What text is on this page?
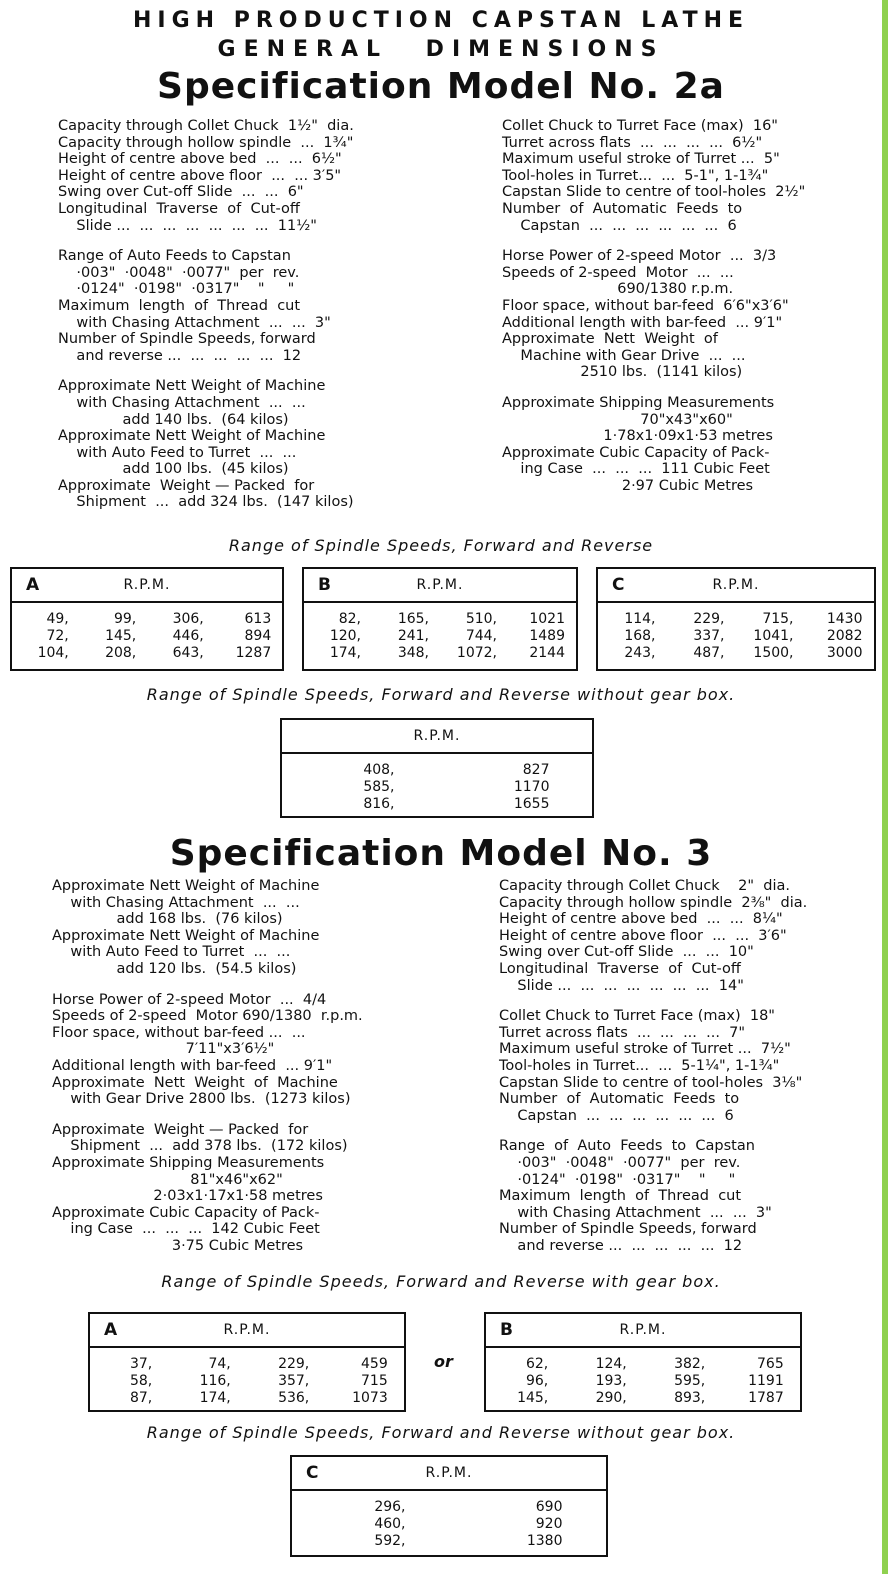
HIGH PRODUCTION CAPSTAN LATHE
GENERAL DIMENSIONS
Specification Model No. 2a
Capacity through Collet Chuck  1½"  dia.
Capacity through hollow spindle  ...  1¾"
Height of centre above bed  ...  ...  6½"
Height of centre above floor  ...  ... 3′5"
Swing over Cut-off Slide  ...  ...  6"
Longitudinal  Traverse  of  Cut-off
Slide ...  ...  ...  ...  ...  ...  ...  11½"
Range of Auto Feeds to Capstan
·003"  ·0048"  ·0077"  per  rev.
·0124"  ·0198"  ·0317"    "     "
Maximum  length  of  Thread  cut
with Chasing Attachment  ...  ...  3"
Number of Spindle Speeds, forward
and reverse ...  ...  ...  ...  ...  12
Approximate Nett Weight of Machine
with Chasing Attachment  ...  ...
add 140 lbs.  (64 kilos)
Approximate Nett Weight of Machine
with Auto Feed to Turret  ...  ...
add 100 lbs.  (45 kilos)
Approximate  Weight — Packed  for
Shipment  ...  add 324 lbs.  (147 kilos)
Collet Chuck to Turret Face (max)  16"
Turret across flats  ...  ...  ...  ...  6½"
Maximum useful stroke of Turret ...  5"
Tool-holes in Turret...  ...  5-1", 1-1¾"
Capstan Slide to centre of tool-holes  2½"
Number  of  Automatic  Feeds  to
Capstan  ...  ...  ...  ...  ...  ...  6
Horse Power of 2-speed Motor  ...  3/3
Speeds of 2-speed  Motor  ...  ...
690/1380 r.p.m.
Floor space, without bar-feed  6′6"x3′6"
Additional length with bar-feed  ... 9′1"
Approximate  Nett  Weight  of
Machine with Gear Drive  ...  ...
2510 lbs.  (1141 kilos)
Approximate Shipping Measurements
70"x43"x60"
1·78x1·09x1·53 metres
Approximate Cubic Capacity of Pack-
ing Case  ...  ...  ...  111 Cubic Feet
2·97 Cubic Metres
Range of Spindle Speeds, Forward and Reverse
A	R.P.M.
49,	99,	306,	613
72,	145,	446,	894
104,	208,	643,	1287
B	R.P.M.
82,	165,	510,	1021
120,	241,	744,	1489
174,	348,	1072,	2144
C	R.P.M.
114,	229,	715,	1430
168,	337,	1041,	2082
243,	487,	1500,	3000
Range of Spindle Speeds, Forward and Reverse without gear box.
R.P.M.
408,	827
585,	1170
816,	1655
Specification Model No. 3
Approximate Nett Weight of Machine
with Chasing Attachment  ...  ...
add 168 lbs.  (76 kilos)
Approximate Nett Weight of Machine
with Auto Feed to Turret  ...  ...
add 120 lbs.  (54.5 kilos)
Horse Power of 2-speed Motor  ...  4/4
Speeds of 2-speed  Motor 690/1380  r.p.m.
Floor space, without bar-feed ...  ...
7′11"x3′6½"
Additional length with bar-feed  ... 9′1"
Approximate  Nett  Weight  of  Machine
with Gear Drive 2800 lbs.  (1273 kilos)
Approximate  Weight — Packed  for
Shipment  ...  add 378 lbs.  (172 kilos)
Approximate Shipping Measurements
81"x46"x62"
2·03x1·17x1·58 metres
Approximate Cubic Capacity of Pack-
ing Case  ...  ...  ...  142 Cubic Feet
3·75 Cubic Metres
Capacity through Collet Chuck    2"  dia.
Capacity through hollow spindle  2⅜"  dia.
Height of centre above bed  ...  ...  8¼"
Height of centre above floor  ...  ...  3′6"
Swing over Cut-off Slide  ...  ...  10"
Longitudinal  Traverse  of  Cut-off
Slide ...  ...  ...  ...  ...  ...  ...  14"
Collet Chuck to Turret Face (max)  18"
Turret across flats  ...  ...  ...  ...  7"
Maximum useful stroke of Turret ...  7½"
Tool-holes in Turret...  ...  5-1¼", 1-1¾"
Capstan Slide to centre of tool-holes  3⅛"
Number  of  Automatic  Feeds  to
Capstan  ...  ...  ...  ...  ...  ...  6
Range  of  Auto  Feeds  to  Capstan
·003"  ·0048"  ·0077"  per  rev.
·0124"  ·0198"  ·0317"    "     "
Maximum  length  of  Thread  cut
with Chasing Attachment  ...  ...  3"
Number of Spindle Speeds, forward
and reverse ...  ...  ...  ...  ...  12
Range of Spindle Speeds, Forward and Reverse with gear box.
A	R.P.M.
37,	74,	229,	459
58,	116,	357,	715
87,	174,	536,	1073
or
B	R.P.M.
62,	124,	382,	765
96,	193,	595,	1191
145,	290,	893,	1787
Range of Spindle Speeds, Forward and Reverse without gear box.
C	R.P.M.
296,	690
460,	920
592,	1380
